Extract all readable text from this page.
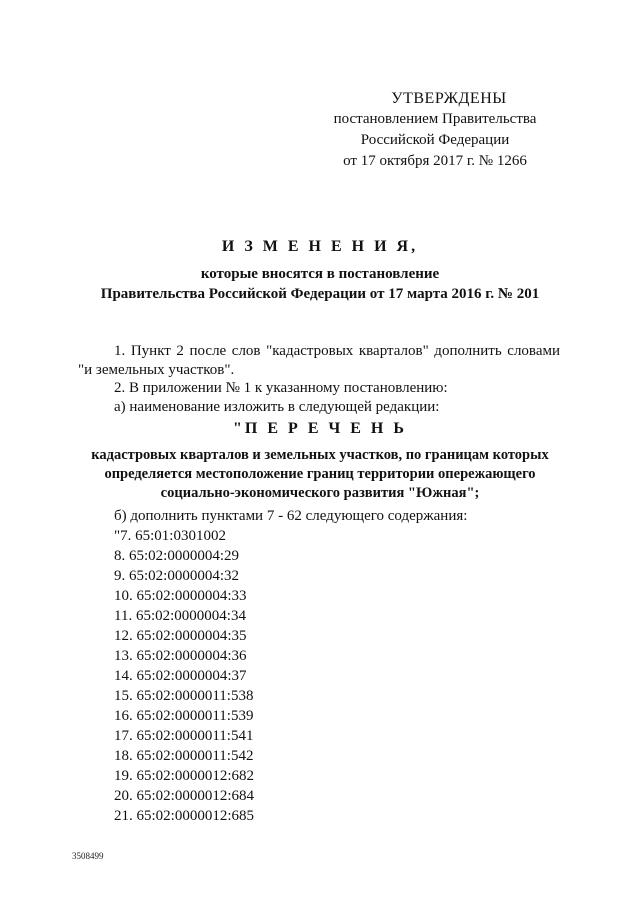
УТВЕРЖДЕНЫ
постановлением Правительства
Российской Федерации
от 17 октября 2017 г. № 1266
И З М Е Н Е Н И Я,
которые вносятся в постановление
Правительства Российской Федерации от 17 марта 2016 г. № 201

1. Пункт 2 после слов "кадастровых кварталов" дополнить словами "и земельных участков".

2. В приложении № 1 к указанному постановлению:

а) наименование изложить в следующей редакции:

"П Е Р Е Ч Е Н Ь
кадастровых кварталов и земельных участков, по границам которых
определяется местоположение границ территории опережающего
социально-экономического развития "Южная";
б) дополнить пунктами 7 - 62 следующего содержания:
"7. 65:01:0301002
8. 65:02:0000004:29
9. 65:02:0000004:32
10. 65:02:0000004:33
11. 65:02:0000004:34
12. 65:02:0000004:35
13. 65:02:0000004:36
14. 65:02:0000004:37
15. 65:02:0000011:538
16. 65:02:0000011:539
17. 65:02:0000011:541
18. 65:02:0000011:542
19. 65:02:0000012:682
20. 65:02:0000012:684
21. 65:02:0000012:685
3508499
